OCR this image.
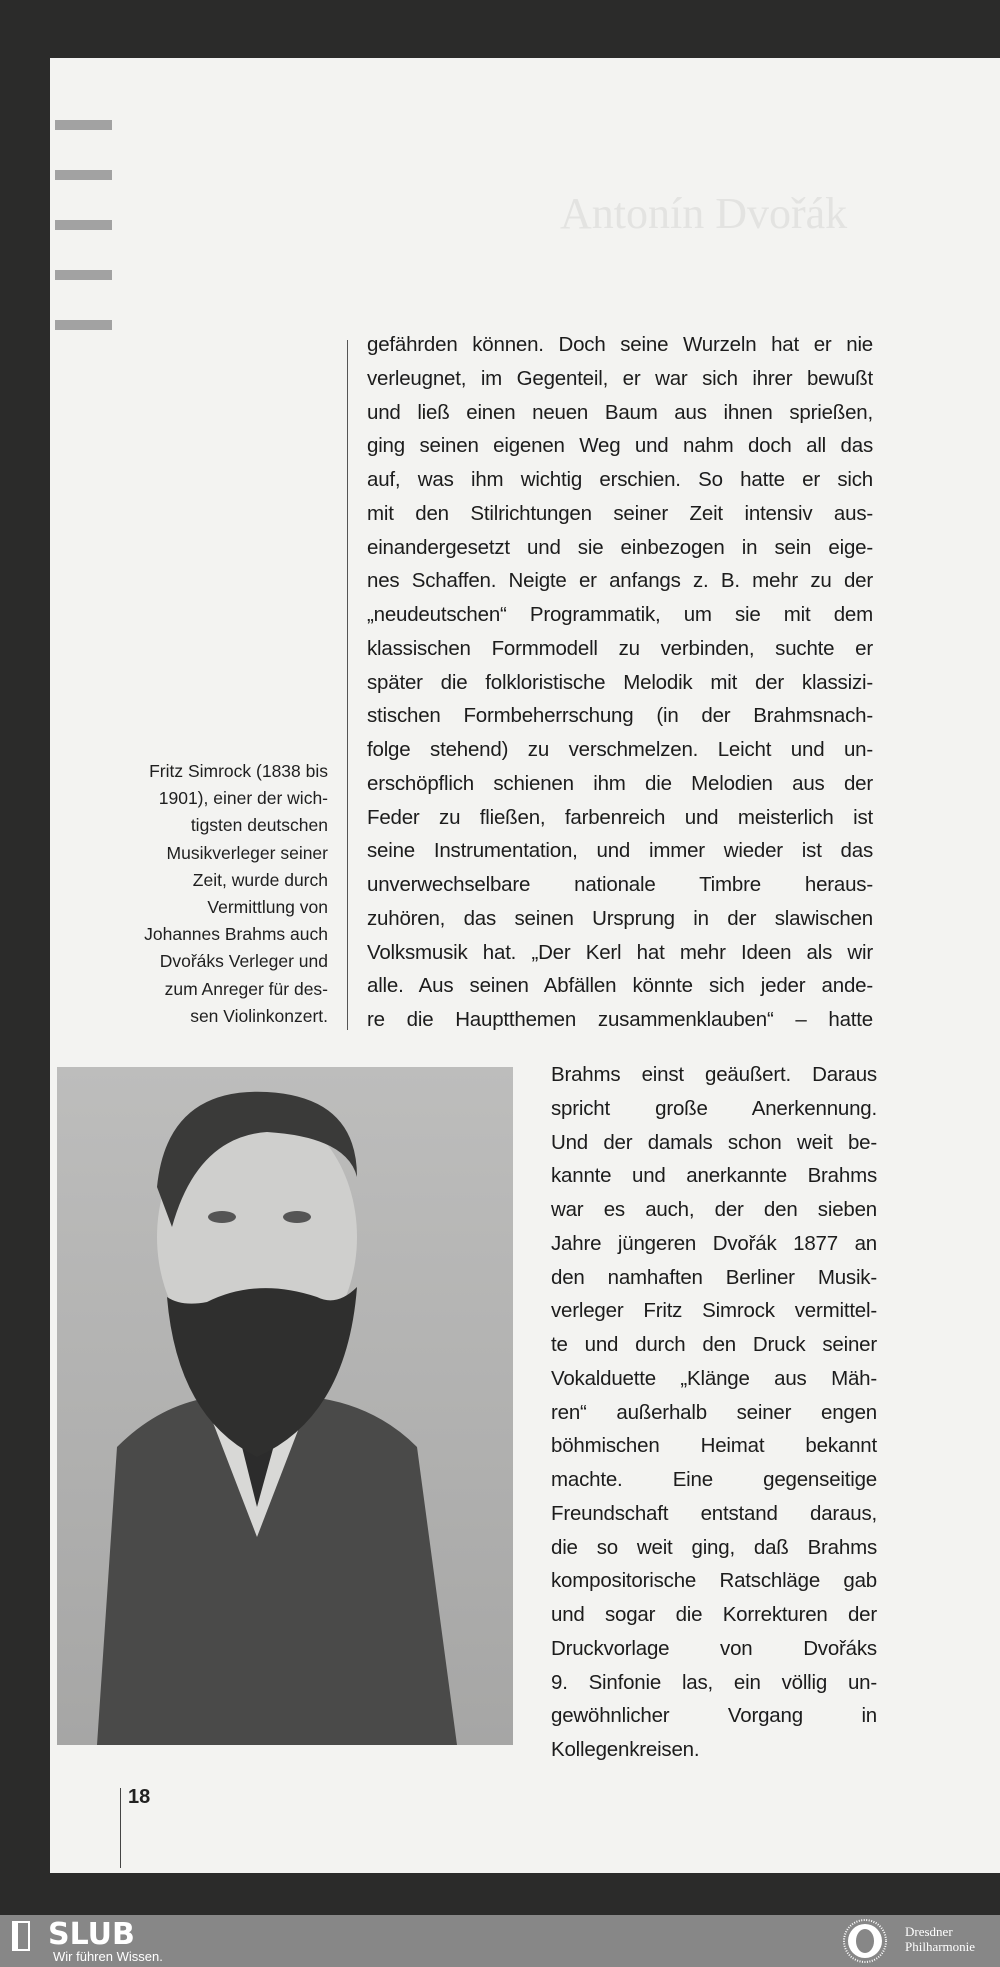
Antonín Dvořák
Fritz Simrock (1838 bis
1901), einer der wich-
tigsten deutschen
Musikverleger seiner
Zeit, wurde durch
Vermittlung von
Johannes Brahms auch
Dvořáks Verleger und
zum Anreger für des-
sen Violinkonzert.
gefährden können. Doch seine Wurzeln hat er nie
verleugnet, im Gegenteil, er war sich ihrer bewußt
und ließ einen neuen Baum aus ihnen sprießen,
ging seinen eigenen Weg und nahm doch all das
auf, was ihm wichtig erschien. So hatte er sich
mit den Stilrichtungen seiner Zeit intensiv aus-
einandergesetzt und sie einbezogen in sein eige-
nes Schaffen. Neigte er anfangs z. B. mehr zu der
„neudeutschen“ Programmatik, um sie mit dem
klassischen Formmodell zu verbinden, suchte er
später die folkloristische Melodik mit der klassizi-
stischen Formbeherrschung (in der Brahmsnach-
folge stehend) zu verschmelzen. Leicht und un-
erschöpflich schienen ihm die Melodien aus der
Feder zu fließen, farbenreich und meisterlich ist
seine Instrumentation, und immer wieder ist das
unverwechselbare nationale Timbre heraus-
zuhören, das seinen Ursprung in der slawischen
Volksmusik hat. „Der Kerl hat mehr Ideen als wir
alle. Aus seinen Abfällen könnte sich jeder ande-
re die Hauptthemen zusammenklauben“ – hatte
Brahms einst geäußert. Daraus
spricht große Anerkennung.
Und der damals schon weit be-
kannte und anerkannte Brahms
war es auch, der den sieben
Jahre jüngeren Dvořák 1877 an
den namhaften Berliner Musik-
verleger Fritz Simrock vermittel-
te und durch den Druck seiner
Vokalduette „Klänge aus Mäh-
ren“ außerhalb seiner engen
böhmischen Heimat bekannt
machte. Eine gegenseitige
Freundschaft entstand daraus,
die so weit ging, daß Brahms
kompositorische Ratschläge gab
und sogar die Korrekturen der
Druckvorlage von Dvořáks
9. Sinfonie las, ein völlig un-
gewöhnlicher Vorgang in
Kollegenkreisen.
18
SLUB
Wir führen Wissen.
Dresdner
Philharmonie
